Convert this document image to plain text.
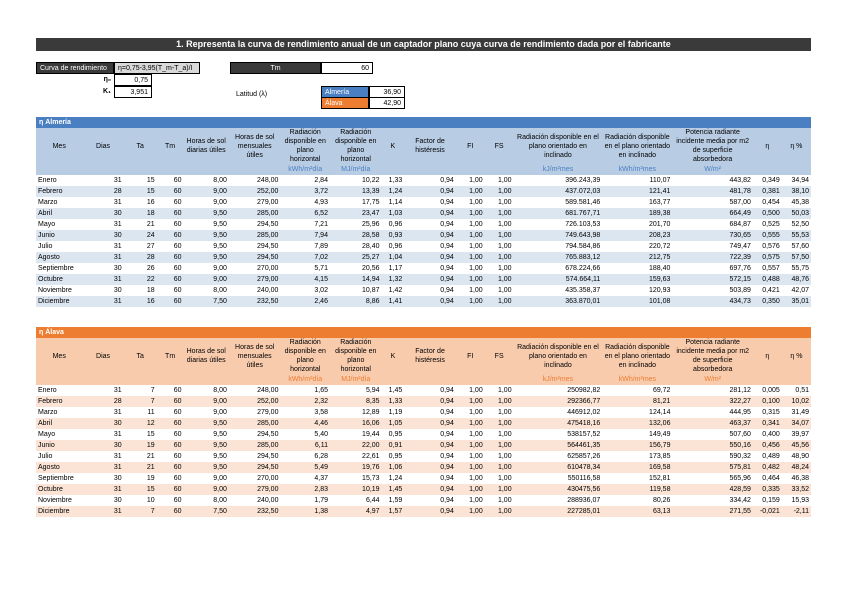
1. Representa la curva de rendimiento anual de un captador plano cuya curva de rendimiento dada por el fabricante
Curva de rendimiento	η=0,75-3,95(T_m-T_a)/I
η₀	0,75
K₁	3,951
Tm	60
Latitud (λ)	Almería	36,90
Álava	42,90
η Almería																
Mes	Dias	Ta	Tm	Horas de sol diarias útiles	Horas de sol mensuales útiles	Radiación disponible en plano horizontal	Radiación disponible en plano horizontal	K	Factor de histéresis	FI	FS	Radiación disponible en el plano orientado en inclinado	Radiación disponible en el plano orientado en inclinado	Potencia radiante incidente media por m2 de superficie absorbedora	η	η %
						kWh/m²día	MJ/m²día					kJ/m²mes	kWh/m²mes	W/m²		
Enero	31	15	60	8,00	248,00	2,84	10,22	1,33	0,94	1,00	1,00	396.243,39	110,07	443,82	0,349	34,94
Febrero	28	15	60	9,00	252,00	3,72	13,39	1,24	0,94	1,00	1,00	437.072,03	121,41	481,78	0,381	38,10
Marzo	31	16	60	9,00	279,00	4,93	17,75	1,14	0,94	1,00	1,00	589.581,46	163,77	587,00	0,454	45,38
Abril	30	18	60	9,50	285,00	6,52	23,47	1,03	0,94	1,00	1,00	681.767,71	189,38	664,49	0,500	50,03
Mayo	31	21	60	9,50	294,50	7,21	25,96	0,96	0,94	1,00	1,00	726.103,53	201,70	684,87	0,525	52,50
Junio	30	24	60	9,50	285,00	7,94	28,58	0,93	0,94	1,00	1,00	749.643,98	208,23	730,65	0,555	55,53
Julio	31	27	60	9,50	294,50	7,89	28,40	0,96	0,94	1,00	1,00	794.584,86	220,72	749,47	0,576	57,60
Agosto	31	28	60	9,50	294,50	7,02	25,27	1,04	0,94	1,00	1,00	765.883,12	212,75	722,39	0,575	57,50
Septiembre	30	26	60	9,00	270,00	5,71	20,56	1,17	0,94	1,00	1,00	678.224,66	188,40	697,76	0,557	55,75
Octubre	31	22	60	9,00	279,00	4,15	14,94	1,32	0,94	1,00	1,00	574.664,11	159,63	572,15	0,488	48,76
Noviembre	30	18	60	8,00	240,00	3,02	10,87	1,42	0,94	1,00	1,00	435.358,37	120,93	503,89	0,421	42,07
Diciembre	31	16	60	7,50	232,50	2,46	8,86	1,41	0,94	1,00	1,00	363.870,01	101,08	434,73	0,350	35,01
η Álava																
Mes	Dias	Ta	Tm	Horas de sol diarias útiles	Horas de sol mensuales útiles	Radiación disponible en plano horizontal	Radiación disponible en plano horizontal	K	Factor de histéresis	FI	FS	Radiación disponible en el plano orientado en inclinado	Radiación disponible en el plano orientado en inclinado	Potencia radiante incidente media por m2 de superficie absorbedora	η	η %
						kWh/m²día	MJ/m²día					kJ/m²mes	kWh/m²mes	W/m²		
Enero	31	7	60	8,00	248,00	1,65	5,94	1,45	0,94	1,00	1,00	250982,82	69,72	281,12	0,005	0,51
Febrero	28	7	60	9,00	252,00	2,32	8,35	1,33	0,94	1,00	1,00	292366,77	81,21	322,27	0,100	10,02
Marzo	31	11	60	9,00	279,00	3,58	12,89	1,19	0,94	1,00	1,00	446912,02	124,14	444,95	0,315	31,49
Abril	30	12	60	9,50	285,00	4,46	16,06	1,05	0,94	1,00	1,00	475418,16	132,06	463,37	0,341	34,07
Mayo	31	15	60	9,50	294,50	5,40	19,44	0,95	0,94	1,00	1,00	538157,52	149,49	507,60	0,400	39,97
Junio	30	19	60	9,50	285,00	6,11	22,00	0,91	0,94	1,00	1,00	564461,35	156,79	550,16	0,456	45,56
Julio	31	21	60	9,50	294,50	6,28	22,61	0,95	0,94	1,00	1,00	625857,26	173,85	590,32	0,489	48,90
Agosto	31	21	60	9,50	294,50	5,49	19,76	1,06	0,94	1,00	1,00	610478,34	169,58	575,81	0,482	48,24
Septiembre	30	19	60	9,00	270,00	4,37	15,73	1,24	0,94	1,00	1,00	550116,58	152,81	565,96	0,464	46,38
Octubre	31	15	60	9,00	279,00	2,83	10,19	1,45	0,94	1,00	1,00	430475,56	119,58	428,59	0,335	33,52
Noviembre	30	10	60	8,00	240,00	1,79	6,44	1,59	0,94	1,00	1,00	288936,07	80,26	334,42	0,159	15,93
Diciembre	31	7	60	7,50	232,50	1,38	4,97	1,57	0,94	1,00	1,00	227285,01	63,13	271,55	-0,021	-2,11
